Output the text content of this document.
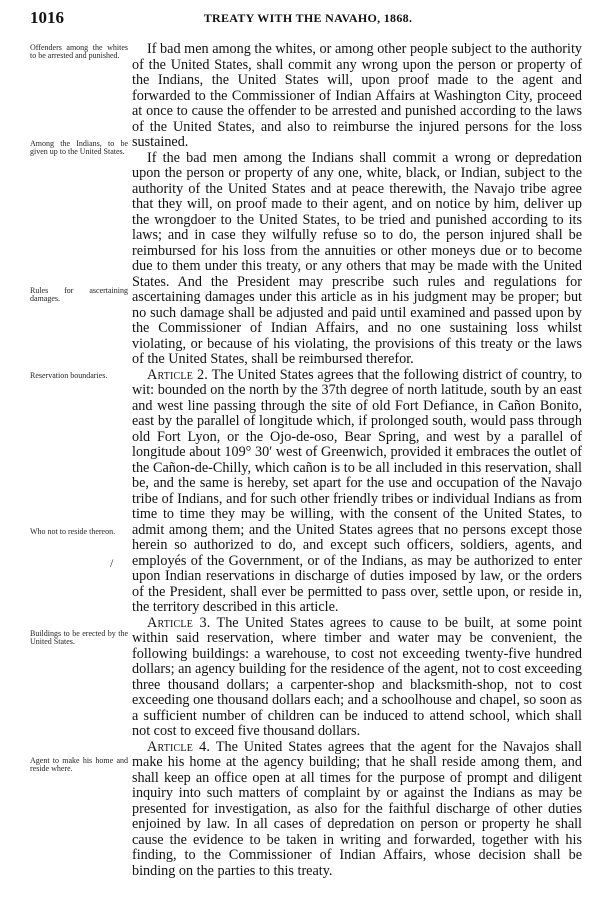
1016	TREATY WITH THE NAVAHO, 1868.
Offenders among the whites to be arrested and punished.
Among the Indians, to be given up to the United States.
Rules for ascertaining damages.
Reservation boundaries.
Who not to reside thereon.
Buildings to be erected by the United States.
Agent to make his home and reside where.
/

If bad men among the whites, or among other people subject to the authority of the United States, shall commit any wrong upon the person or property of the Indians, the United States will, upon proof made to the agent and forwarded to the Commissioner of Indian Affairs at Washington City, proceed at once to cause the offender to be arrested and punished according to the laws of the United States, and also to reimburse the injured persons for the loss sustained.

If the bad men among the Indians shall commit a wrong or depredation upon the person or property of any one, white, black, or Indian, subject to the authority of the United States and at peace therewith, the Navajo tribe agree that they will, on proof made to their agent, and on notice by him, deliver up the wrongdoer to the United States, to be tried and punished according to its laws; and in case they wilfully refuse so to do, the person injured shall be reimbursed for his loss from the annuities or other moneys due or to become due to them under this treaty, or any others that may be made with the United States. And the President may prescribe such rules and regulations for ascertaining damages under this article as in his judgment may be proper; but no such damage shall be adjusted and paid until examined and passed upon by the Commissioner of Indian Affairs, and no one sustaining loss whilst violating, or because of his violating, the provisions of this treaty or the laws of the United States, shall be reimbursed therefor.

Article 2. The United States agrees that the following district of country, to wit: bounded on the north by the 37th degree of north latitude, south by an east and west line passing through the site of old Fort Defiance, in Cañon Bonito, east by the parallel of longitude which, if prolonged south, would pass through old Fort Lyon, or the Ojo-de-oso, Bear Spring, and west by a parallel of longitude about 109° 30′ west of Greenwich, provided it embraces the outlet of the Cañon-de-Chilly, which cañon is to be all included in this reservation, shall be, and the same is hereby, set apart for the use and occupation of the Navajo tribe of Indians, and for such other friendly tribes or individual Indians as from time to time they may be willing, with the consent of the United States, to admit among them; and the United States agrees that no persons except those herein so authorized to do, and except such officers, soldiers, agents, and employés of the Government, or of the Indians, as may be authorized to enter upon Indian reservations in discharge of duties imposed by law, or the orders of the President, shall ever be permitted to pass over, settle upon, or reside in, the territory described in this article.

Article 3. The United States agrees to cause to be built, at some point within said reservation, where timber and water may be convenient, the following buildings: a warehouse, to cost not exceeding twenty-five hundred dollars; an agency building for the residence of the agent, not to cost exceeding three thousand dollars; a carpenter-shop and blacksmith-shop, not to cost exceeding one thousand dollars each; and a schoolhouse and chapel, so soon as a sufficient number of children can be induced to attend school, which shall not cost to exceed five thousand dollars.

Article 4. The United States agrees that the agent for the Navajos shall make his home at the agency building; that he shall reside among them, and shall keep an office open at all times for the purpose of prompt and diligent inquiry into such matters of complaint by or against the Indians as may be presented for investigation, as also for the faithful discharge of other duties enjoined by law. In all cases of depredation on person or property he shall cause the evidence to be taken in writing and forwarded, together with his finding, to the Commissioner of Indian Affairs, whose decision shall be binding on the parties to this treaty.
